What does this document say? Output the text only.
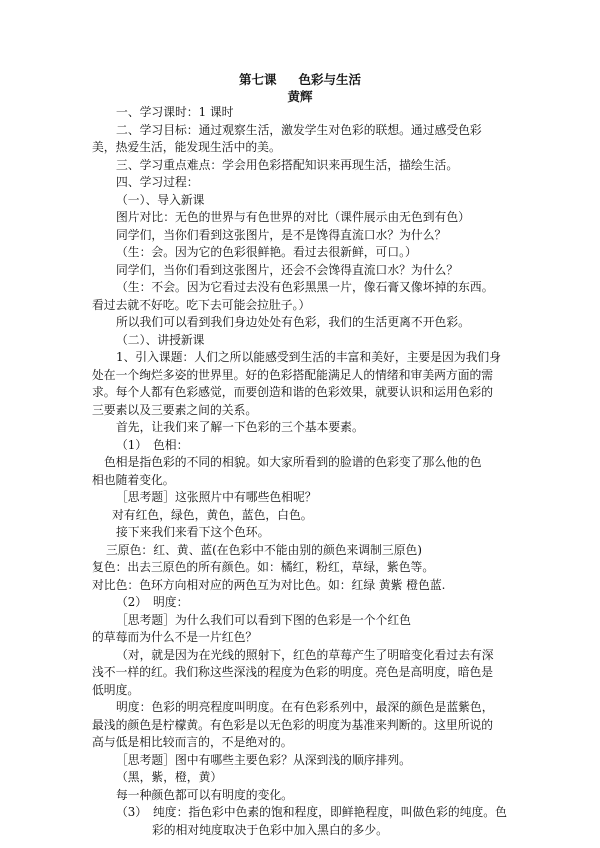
第七课 色彩与生活
黄辉
一、学习课时：1 课时
二、学习目标：通过观察生活，激发学生对色彩的联想。通过感受色彩
美，热爱生活，能发现生活中的美。
三、学习重点难点：学会用色彩搭配知识来再现生活，描绘生活。
四、学习过程：
（一）、导入新课
图片对比：无色的世界与有色世界的对比（课件展示由无色到有色）
同学们，当你们看到这张图片，是不是馋得直流口水？为什么？
（生：会。因为它的色彩很鲜艳。看过去很新鲜，可口。）
同学们，当你们看到这张图片，还会不会馋得直流口水？为什么？
（生：不会。因为它看过去没有色彩黑黑一片，像石膏又像坏掉的东西。
看过去就不好吃。吃下去可能会拉肚子。）
所以我们可以看到我们身边处处有色彩，我们的生活更离不开色彩。
（二）、讲授新课
1、引入课题：人们之所以能感受到生活的丰富和美好，主要是因为我们身
处在一个绚烂多姿的世界里。好的色彩搭配能满足人的情绪和审美两方面的需
求。每个人都有色彩感觉，而要创造和谐的色彩效果，就要认识和运用色彩的
三要素以及三要素之间的关系。
首先，让我们来了解一下色彩的三个基本要素。
（1）　色相：
色相是指色彩的不同的相貌。如大家所看到的脸谱的色彩变了那么他的色
相也随着变化。
［思考题］这张照片中有哪些色相呢？
对有红色，绿色，黄色，蓝色，白色。
接下来我们来看下这个色环。
三原色：红、黄、蓝(在色彩中不能由别的颜色来调制三原色)
复色：出去三原色的所有颜色。如：橘红，粉红，草绿，紫色等。
对比色：色环方向相对应的两色互为对比色。如：红绿 黄紫 橙色蓝.
（2）　明度：
［思考题］为什么我们可以看到下图的色彩是一个个红色
的草莓而为什么不是一片红色？
（对，就是因为在光线的照射下，红色的草莓产生了明暗变化看过去有深
浅不一样的红。我们称这些深浅的程度为色彩的明度。亮色是高明度，暗色是
低明度。
明度：色彩的明亮程度叫明度。在有色彩系列中，最深的颜色是蓝紫色，
最浅的颜色是柠檬黄。有色彩是以无色彩的明度为基准来判断的。这里所说的
高与低是相比较而言的，不是绝对的。
［思考题］图中有哪些主要色彩？从深到浅的顺序排列。
（黑，紫，橙，黄）
每一种颜色都可以有明度的变化。
（3）　纯度：指色彩中色素的饱和程度，即鲜艳程度，叫做色彩的纯度。色
彩的相对纯度取决于色彩中加入黑白的多少。
